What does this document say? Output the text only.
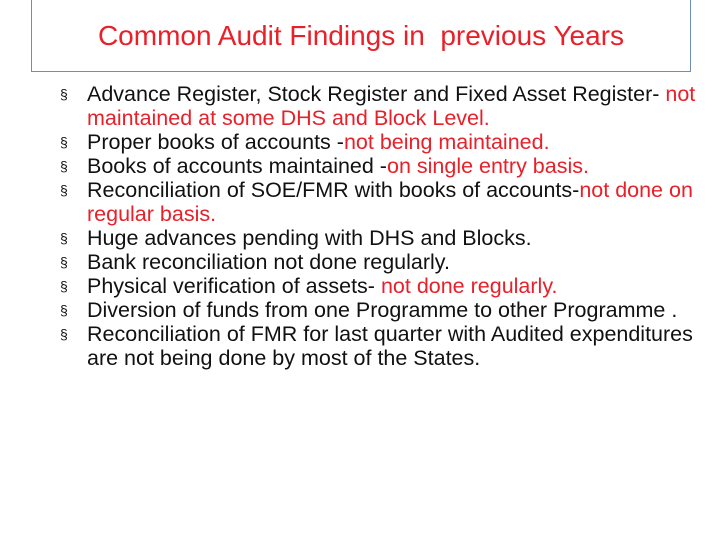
Common Audit Findings in  previous Years
§ Advance Register, Stock Register and Fixed Asset Register- not maintained at some DHS and Block Level.
§ Proper books of accounts -not being maintained.
§ Books of accounts maintained -on single entry basis.
§ Reconciliation of SOE/FMR with books of accounts-not done on regular basis.
§ Huge advances pending with DHS and Blocks.
§ Bank reconciliation not done regularly.
§ Physical verification of assets- not done regularly.
§ Diversion of funds from one Programme to other Programme .
§ Reconciliation of FMR for last quarter with Audited expenditures are not being done by most of the States.
